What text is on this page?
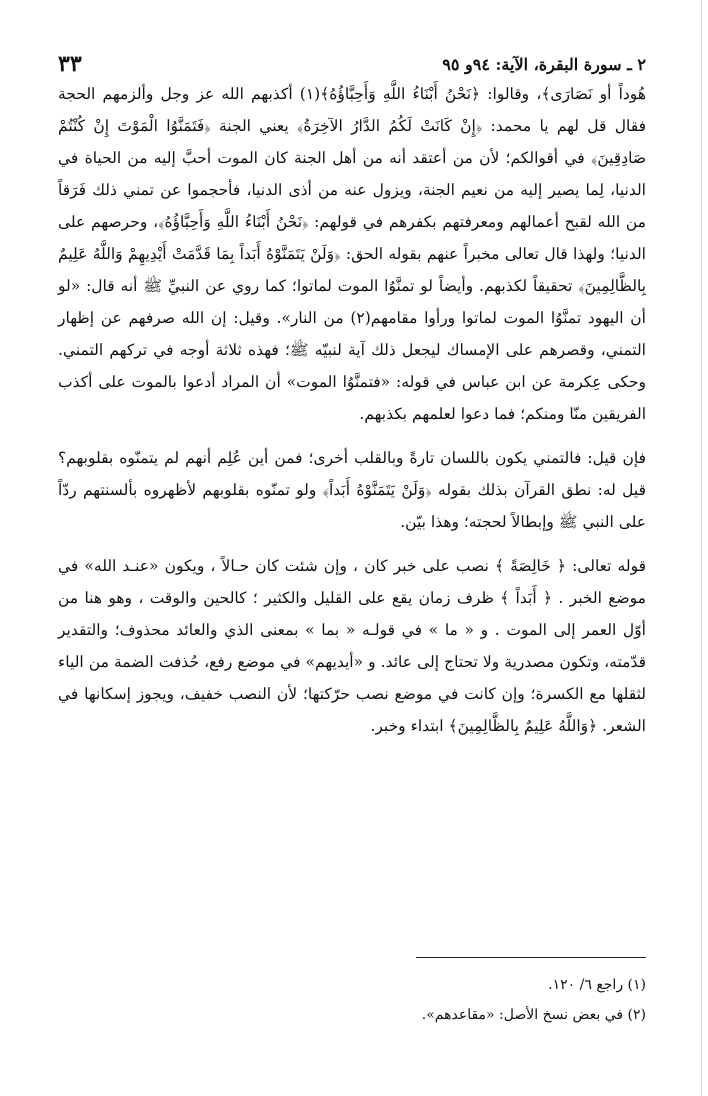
٢ ـ سورة البقرة، الآية: ٩٤و ٩٥
٣٣

هُوداً أو نَصَارَى﴾، وقالوا: ﴿نَحْنُ أَبْنَاءُ اللَّهِ وَأَحِبَّاؤُهُ﴾(١) أكذبهم الله عز وجل وألزمهم الحجة فقال قل لهم يا محمد: ﴿إِنْ كَانَتْ لَكُمُ الدَّارُ الآخِرَةُ﴾ يعني الجنة ﴿فَتَمَنَّوُا الْمَوْتَ إِنْ كُنْتُمْ صَادِقِينَ﴾ في أقوالكم؛ لأن من أعتقد أنه من أهل الجنة كان الموت أحبَّ إليه من الحياة في الدنيا، لِما يصير إليه من نعيم الجنة، ويزول عنه من أذى الدنيا، فأحجموا عن تمني ذلك فَرَقاً من الله لقبح أعمالهم ومعرفتهم بكفرهم في قولهم: ﴿نَحْنُ أَبْنَاءُ اللَّهِ وَأَحِبَّاؤُهُ﴾، وحرصهم على الدنيا؛ ولهذا قال تعالى مخبراً عنهم بقوله الحق: ﴿وَلَنْ يَتَمَنَّوْهُ أَبَداً بِمَا قَدَّمَتْ أَيْدِيهِمْ وَاللَّهُ عَلِيمٌ بِالظَّالِمِينَ﴾ تحقيقاً لكذبهم. وأيضاً لو تمنَّوُا الموت لماتوا؛ كما روي عن النبيِّ ﷺ أنه قال: «لو أن اليهود تمنَّوُا الموت لماتوا ورأوا مقامهم(٢) من النار». وقيل: إن الله صرفهم عن إظهار التمني، وقصرهم على الإمساك ليجعل ذلك آية لنبيّه ﷺ؛ فهذه ثلاثة أوجه في تركهم التمني. وحكى عِكرمة عن ابن عباس في قوله: «فتمنَّوُا الموت» أن المراد أدعوا بالموت على أكذب الفريقين منّا ومنكم؛ فما دعوا لعلمهم بكذبهم.

فإن قيل: فالتمني يكون باللسان تارةً وبالقلب أخرى؛ فمن أين عُلِم أنهم لم يتمنّوه بقلوبهم؟ قيل له: نطق القرآن بذلك بقوله ﴿وَلَنْ يَتَمَنَّوْهُ أَبَداً﴾ ولو تمنّوه بقلوبهم لأظهروه بألسنتهم ردّاً على النبي ﷺ وإبطالاً لحجته؛ وهذا بيّن.

قوله تعالى: ﴿ خَالِصَةً ﴾ نصب على خبر كان ، وإن شئت كان حـالاً ، ويكون «عنـد الله» في موضع الخبر . ﴿ أَبَداً ﴾ ظرف زمان يقع على القليل والكثير ؛ كالحين والوقت ، وهو هنا من أوّل العمر إلى الموت . و « ما » في قولـه « بما » بمعنى الذي والعائد محذوف؛ والتقدير قدّمته، وتكون مصدرية ولا تحتاج إلى عائد. و «أيديهم» في موضع رفع، حُذفت الضمة من الياء لثقلها مع الكسرة؛ وإن كانت في موضع نصب حرّكتها؛ لأن النصب خفيف، ويجوز إسكانها في الشعر. ﴿وَاللَّهُ عَلِيمٌ بِالظَّالِمِينَ﴾ ابتداء وخبر.

(١) راجع ٦/ ١٢٠.
(٢) في بعض نسخ الأصل: «مقاعدهم».
